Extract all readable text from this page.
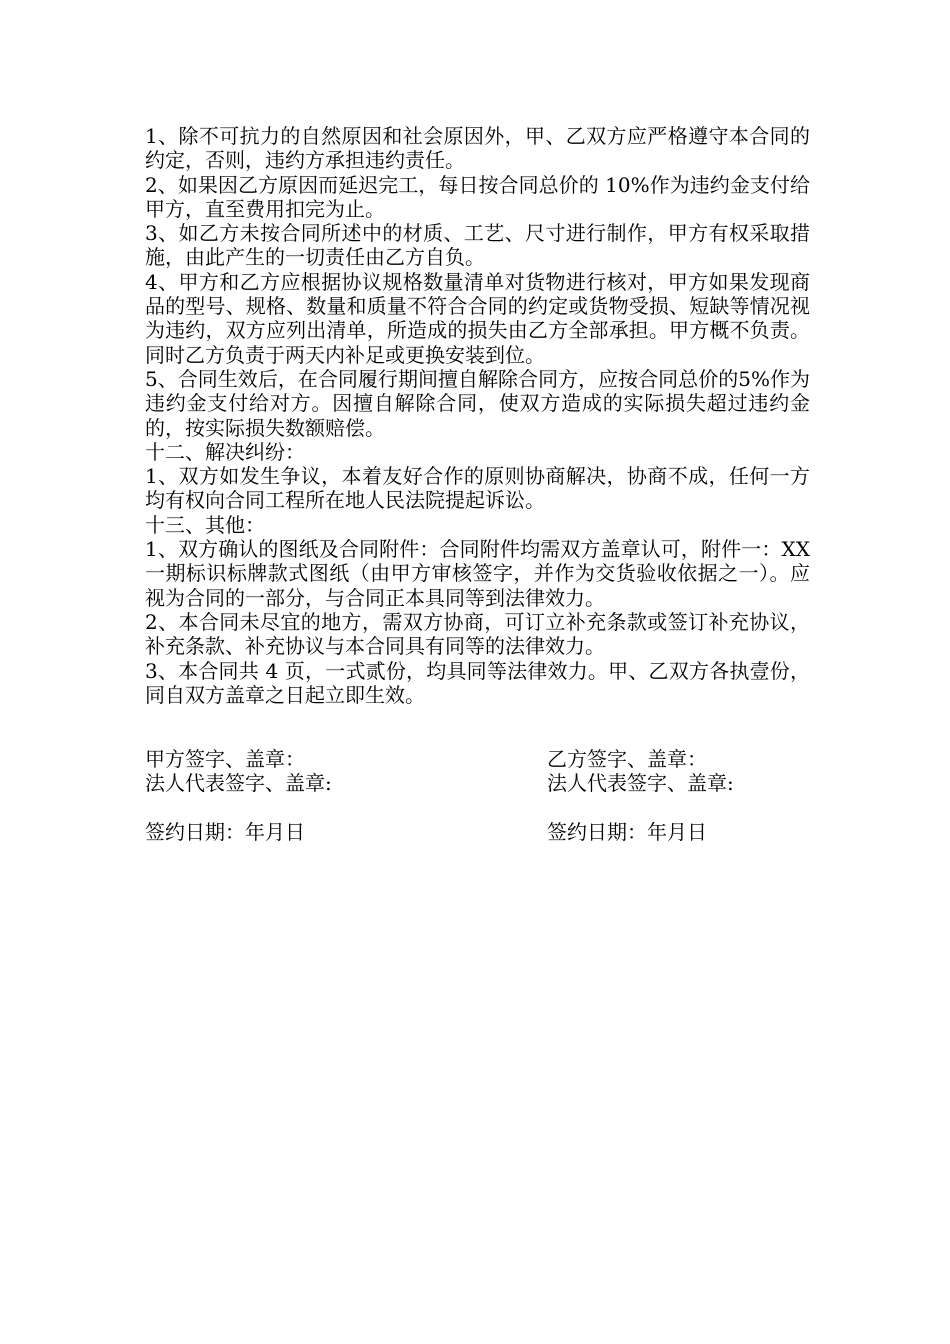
1、除不可抗力的自然原因和社会原因外，甲、乙双方应严格遵守本合同的约定，否则，违约方承担违约责任。

2、如果因乙方原因而延迟完工，每日按合同总价的 10%作为违约金支付给甲方，直至费用扣完为止。

3、如乙方未按合同所述中的材质、工艺、尺寸进行制作，甲方有权采取措施，由此产生的一切责任由乙方自负。

4、甲方和乙方应根据协议规格数量清单对货物进行核对，甲方如果发现商品的型号、规格、数量和质量不符合合同的约定或货物受损、短缺等情况视为违约，双方应列出清单，所造成的损失由乙方全部承担。甲方概不负责。同时乙方负责于两天内补足或更换安装到位。

5、合同生效后，在合同履行期间擅自解除合同方，应按合同总价的5%作为违约金支付给对方。因擅自解除合同，使双方造成的实际损失超过违约金的，按实际损失数额赔偿。

十二、解决纠纷：

1、双方如发生争议，本着友好合作的原则协商解决，协商不成，任何一方均有权向合同工程所在地人民法院提起诉讼。

十三、其他：

1、双方确认的图纸及合同附件：合同附件均需双方盖章认可，附件一：XX 一期标识标牌款式图纸（由甲方审核签字，并作为交货验收依据之一）。应视为合同的一部分，与合同正本具同等到法律效力。

2、本合同未尽宜的地方，需双方协商，可订立补充条款或签订补充协议，补充条款、补充协议与本合同具有同等的法律效力。

3、本合同共 4 页，一式贰份，均具同等法律效力。甲、乙双方各执壹份，同自双方盖章之日起立即生效。

甲方签字、盖章：	乙方签字、盖章：
法人代表签字、盖章:	法人代表签字、盖章:
签约日期：年月日	签约日期：年月日
